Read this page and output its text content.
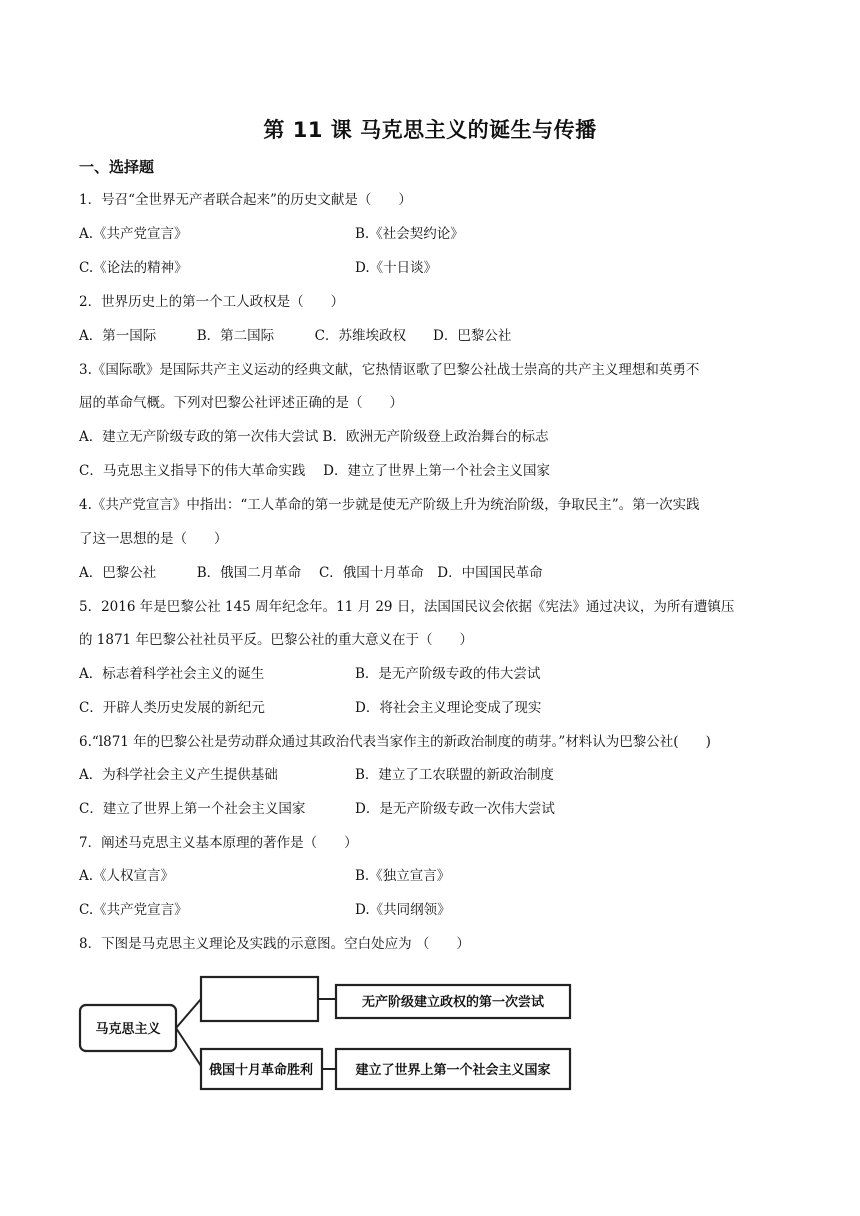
第 11 课 马克思主义的诞生与传播
一、选择题
1．号召“全世界无产者联合起来”的历史文献是（　　）
A.《共产党宣言》	B.《社会契约论》
C.《论法的精神》	D.《十日谈》
2．世界历史上的第一个工人政权是（　　）
A．第一国际　　　B．第二国际　　　C．苏维埃政权　　D．巴黎公社
3.《国际歌》是国际共产主义运动的经典文献，它热情讴歌了巴黎公社战士崇高的共产主义理想和英勇不
屈的革命气概。下列对巴黎公社评述正确的是（　　）
A．建立无产阶级专政的第一次伟大尝试 B．欧洲无产阶级登上政治舞台的标志
C．马克思主义指导下的伟大革命实践　 D．建立了世界上第一个社会主义国家
4.《共产党宣言》中指出：“工人革命的第一步就是使无产阶级上升为统治阶级，争取民主”。第一次实践
了这一思想的是（　　）
A．巴黎公社　　　B．俄国二月革命　 C．俄国十月革命　D．中国国民革命
5．2016 年是巴黎公社 145 周年纪念年。11 月 29 日，法国国民议会依据《宪法》通过决议，为所有遭镇压
的 1871 年巴黎公社社员平反。巴黎公社的重大意义在于（　　）
A．标志着科学社会主义的诞生	B．是无产阶级专政的伟大尝试
C．开辟人类历史发展的新纪元	D．将社会主义理论变成了现实
6.“l871 年的巴黎公社是劳动群众通过其政治代表当家作主的新政治制度的萌芽。”材料认为巴黎公社(　　)
A．为科学社会主义产生提供基础	B．建立了工农联盟的新政治制度
C．建立了世界上第一个社会主义国家	D．是无产阶级专政一次伟大尝试
7．阐述马克思主义基本原理的著作是（　　）
A.《人权宣言》	B.《独立宣言》
C.《共产党宣言》	D.《共同纲领》
8．下图是马克思主义理论及实践的示意图。空白处应为 （　　）
马克思主义
无产阶级建立政权的第一次尝试
俄国十月革命胜利	建立了世界上第一个社会主义国家
